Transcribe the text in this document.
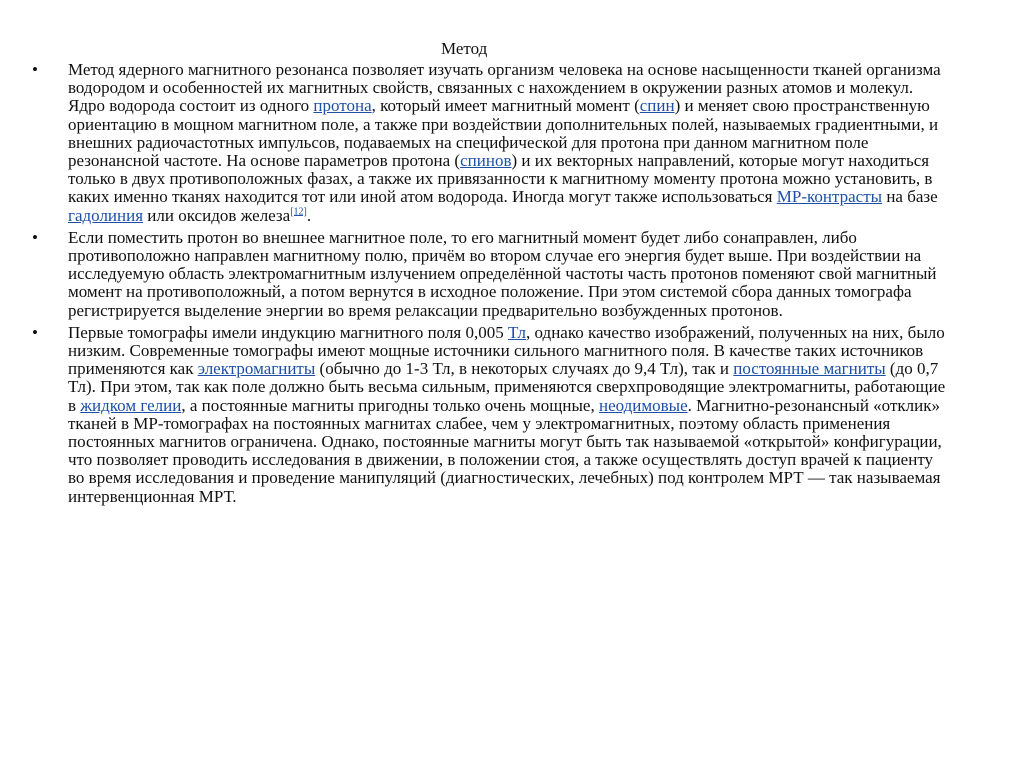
Метод
•	Метод ядерного магнитного резонанса позволяет изучать организм человека на основе насыщенности тканей организма водородом и особенностей их магнитных свойств, связанных с нахождением в окружении разных атомов и молекул. Ядро водорода состоит из одного протона, который имеет магнитный момент (спин) и меняет свою пространственную ориентацию в мощном магнитном поле, а также при воздействии дополнительных полей, называемых градиентными, и внешних радиочастотных импульсов, подаваемых на специфической для протона при данном магнитном поле резонансной частоте. На основе параметров протона (спинов) и их векторных направлений, которые могут находиться только в двух противоположных фазах, а также их привязанности к магнитному моменту протона можно установить, в каких именно тканях находится тот или иной атом водорода. Иногда могут также использоваться МР-контрасты на базе гадолиния или оксидов железа[12].
•	Если поместить протон во внешнее магнитное поле, то его магнитный момент будет либо сонаправлен, либо противоположно направлен магнитному полю, причём во втором случае его энергия будет выше. При воздействии на исследуемую область электромагнитным излучением определённой частоты часть протонов поменяют свой магнитный момент на противоположный, а потом вернутся в исходное положение. При этом системой сбора данных томографа регистрируется выделение энергии во время релаксации предварительно возбужденных протонов.
•	Первые томографы имели индукцию магнитного поля 0,005 Тл, однако качество изображений, полученных на них, было низким. Современные томографы имеют мощные источники сильного магнитного поля. В качестве таких источников применяются как электромагниты (обычно до 1-3 Тл, в некоторых случаях до 9,4 Тл), так и постоянные магниты (до 0,7 Тл). При этом, так как поле должно быть весьма сильным, применяются сверхпроводящие электромагниты, работающие в жидком гелии, а постоянные магниты пригодны только очень мощные, неодимовые. Магнитно-резонансный «отклик» тканей в МР-томографах на постоянных магнитах слабее, чем у электромагнитных, поэтому область применения постоянных магнитов ограничена. Однако, постоянные магниты могут быть так называемой «открытой» конфигурации, что позволяет проводить исследования в движении, в положении стоя, а также осуществлять доступ врачей к пациенту во время исследования и проведение манипуляций (диагностических, лечебных) под контролем МРТ — так называемая интервенционная МРТ.
